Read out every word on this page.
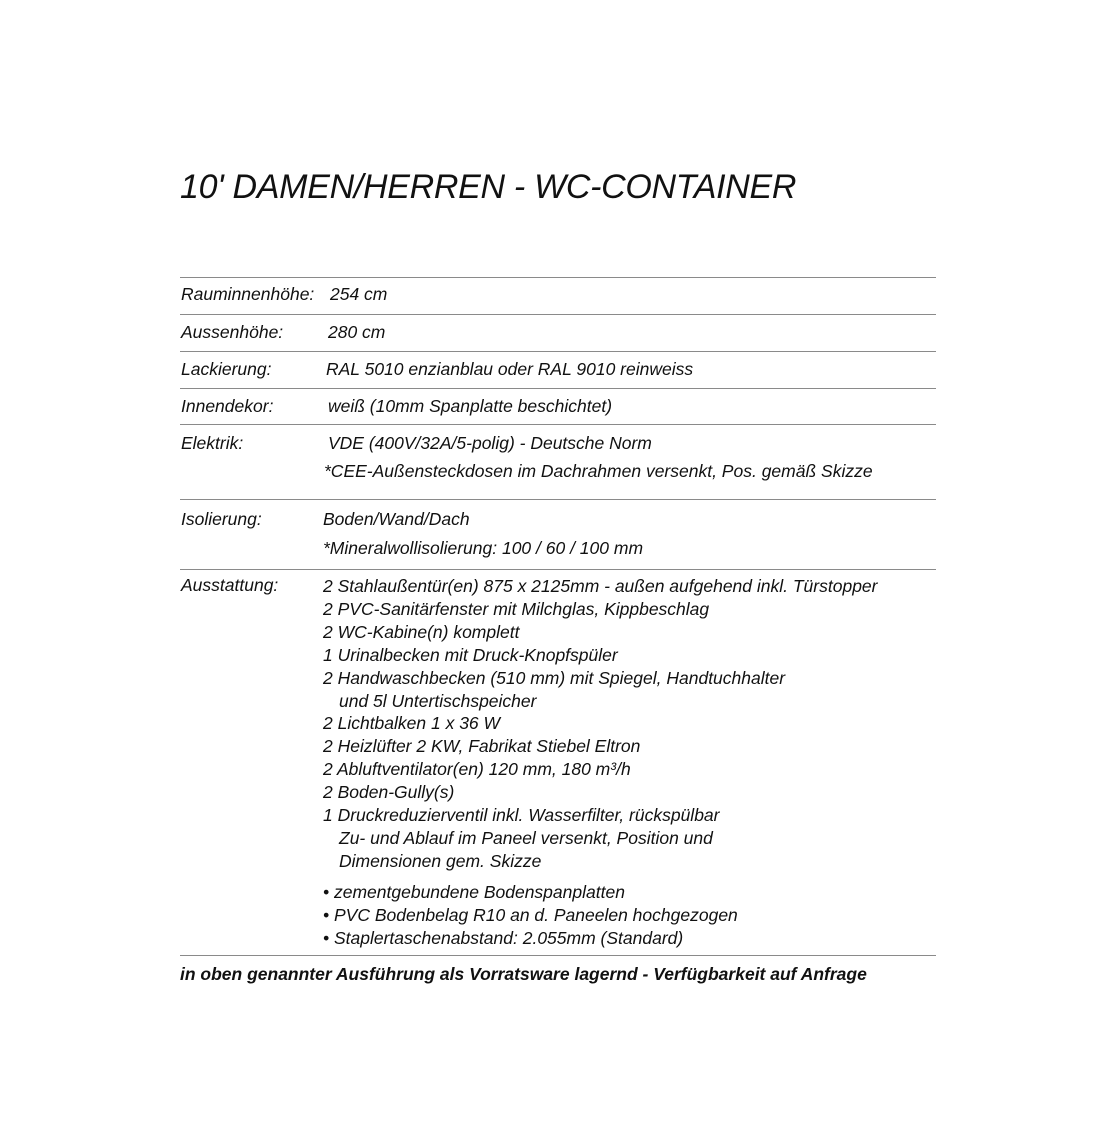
10' DAMEN/HERREN - WC-CONTAINER
Rauminnenhöhe: 254 cm
Aussenhöhe:	280 cm
Lackierung:	RAL 5010 enzianblau oder RAL 9010 reinweiss
Innendekor:	weiß (10mm Spanplatte beschichtet)
Elektrik:	VDE (400V/32A/5-polig) - Deutsche Norm
*CEE-Außensteckdosen im Dachrahmen versenkt, Pos. gemäß Skizze
Isolierung:	Boden/Wand/Dach
*Mineralwollisolierung: 100 / 60 / 100 mm
Ausstattung:	2 Stahlaußentür(en) 875 x 2125mm - außen aufgehend inkl. Türstopper
2 PVC-Sanitärfenster mit Milchglas, Kippbeschlag
2 WC-Kabine(n) komplett
1 Urinalbecken mit Druck-Knopfspüler
2 Handwaschbecken (510 mm) mit Spiegel, Handtuchhalter
und 5l Untertischspeicher
2 Lichtbalken 1 x 36 W
2 Heizlüfter 2 KW, Fabrikat Stiebel Eltron
2 Abluftventilator(en) 120 mm, 180 m³/h
2 Boden-Gully(s)
1 Druckreduzierventil inkl. Wasserfilter, rückspülbar
Zu- und Ablauf im Paneel versenkt, Position und
Dimensionen gem. Skizze
• zementgebundene Bodenspanplatten
• PVC Bodenbelag R10 an d. Paneelen hochgezogen
• Staplertaschenabstand: 2.055mm (Standard)

in oben genannter Ausführung als Vorratsware lagernd - Verfügbarkeit auf Anfrage
